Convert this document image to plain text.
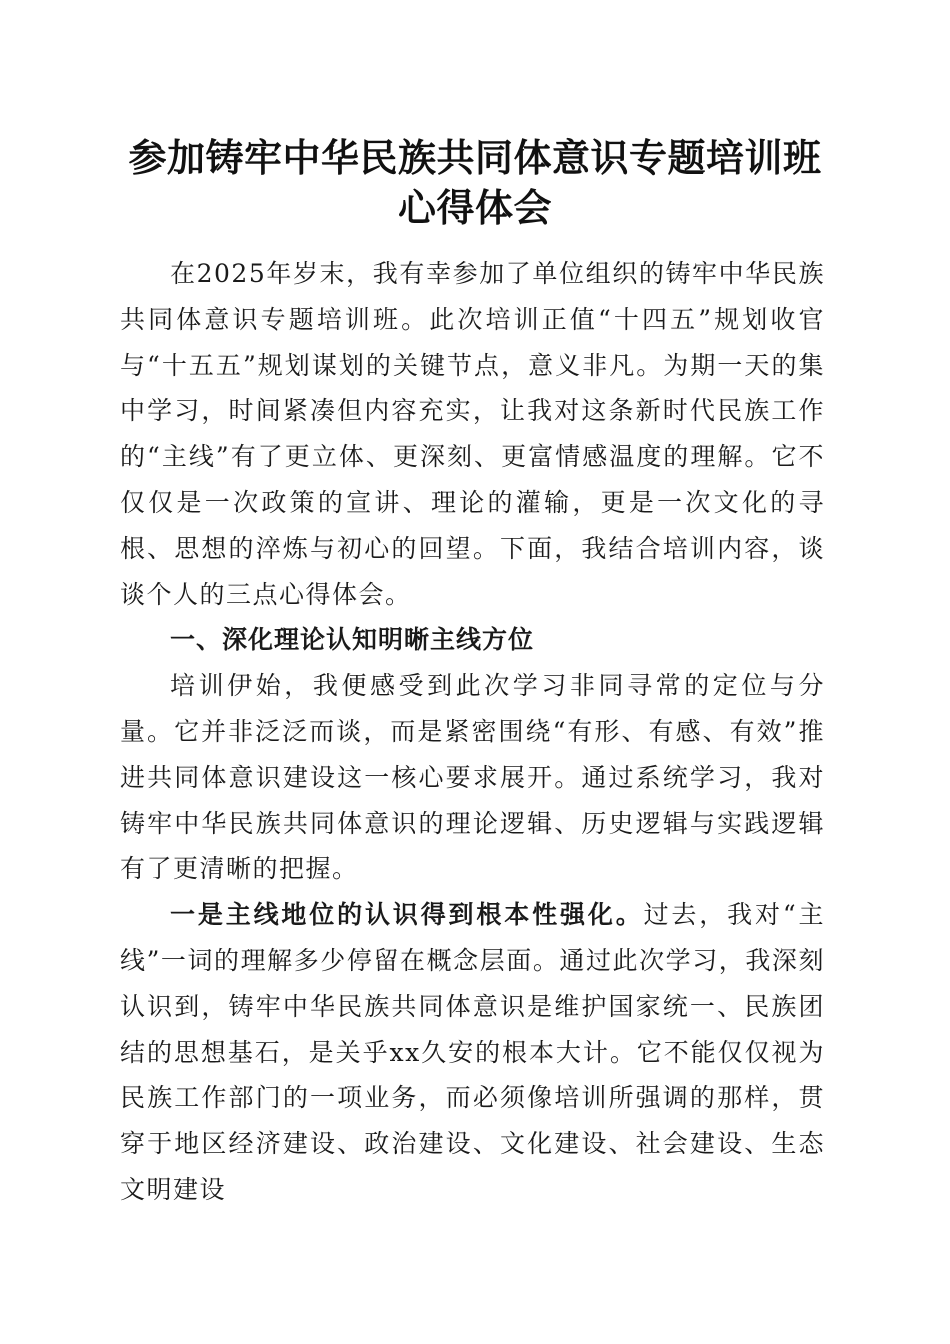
参加铸牢中华民族共同体意识专题培训班心得体会

在2025年岁末，我有幸参加了单位组织的铸牢中华民族共同体意识专题培训班。此次培训正值“十四五”规划收官与“十五五”规划谋划的关键节点，意义非凡。为期一天的集中学习，时间紧凑但内容充实，让我对这条新时代民族工作的“主线”有了更立体、更深刻、更富情感温度的理解。它不仅仅是一次政策的宣讲、理论的灌输，更是一次文化的寻根、思想的淬炼与初心的回望。下面，我结合培训内容，谈谈个人的三点心得体会。

一、深化理论认知明晰主线方位

培训伊始，我便感受到此次学习非同寻常的定位与分量。它并非泛泛而谈，而是紧密围绕“有形、有感、有效”推进共同体意识建设这一核心要求展开。通过系统学习，我对铸牢中华民族共同体意识的理论逻辑、历史逻辑与实践逻辑有了更清晰的把握。

一是主线地位的认识得到根本性强化。过去，我对“主线”一词的理解多少停留在概念层面。通过此次学习，我深刻认识到，铸牢中华民族共同体意识是维护国家统一、民族团结的思想基石，是关乎xx久安的根本大计。它不能仅仅视为民族工作部门的一项业务，而必须像培训所强调的那样，贯穿于地区经济建设、政治建设、文化建设、社会建设、生态文明建设
